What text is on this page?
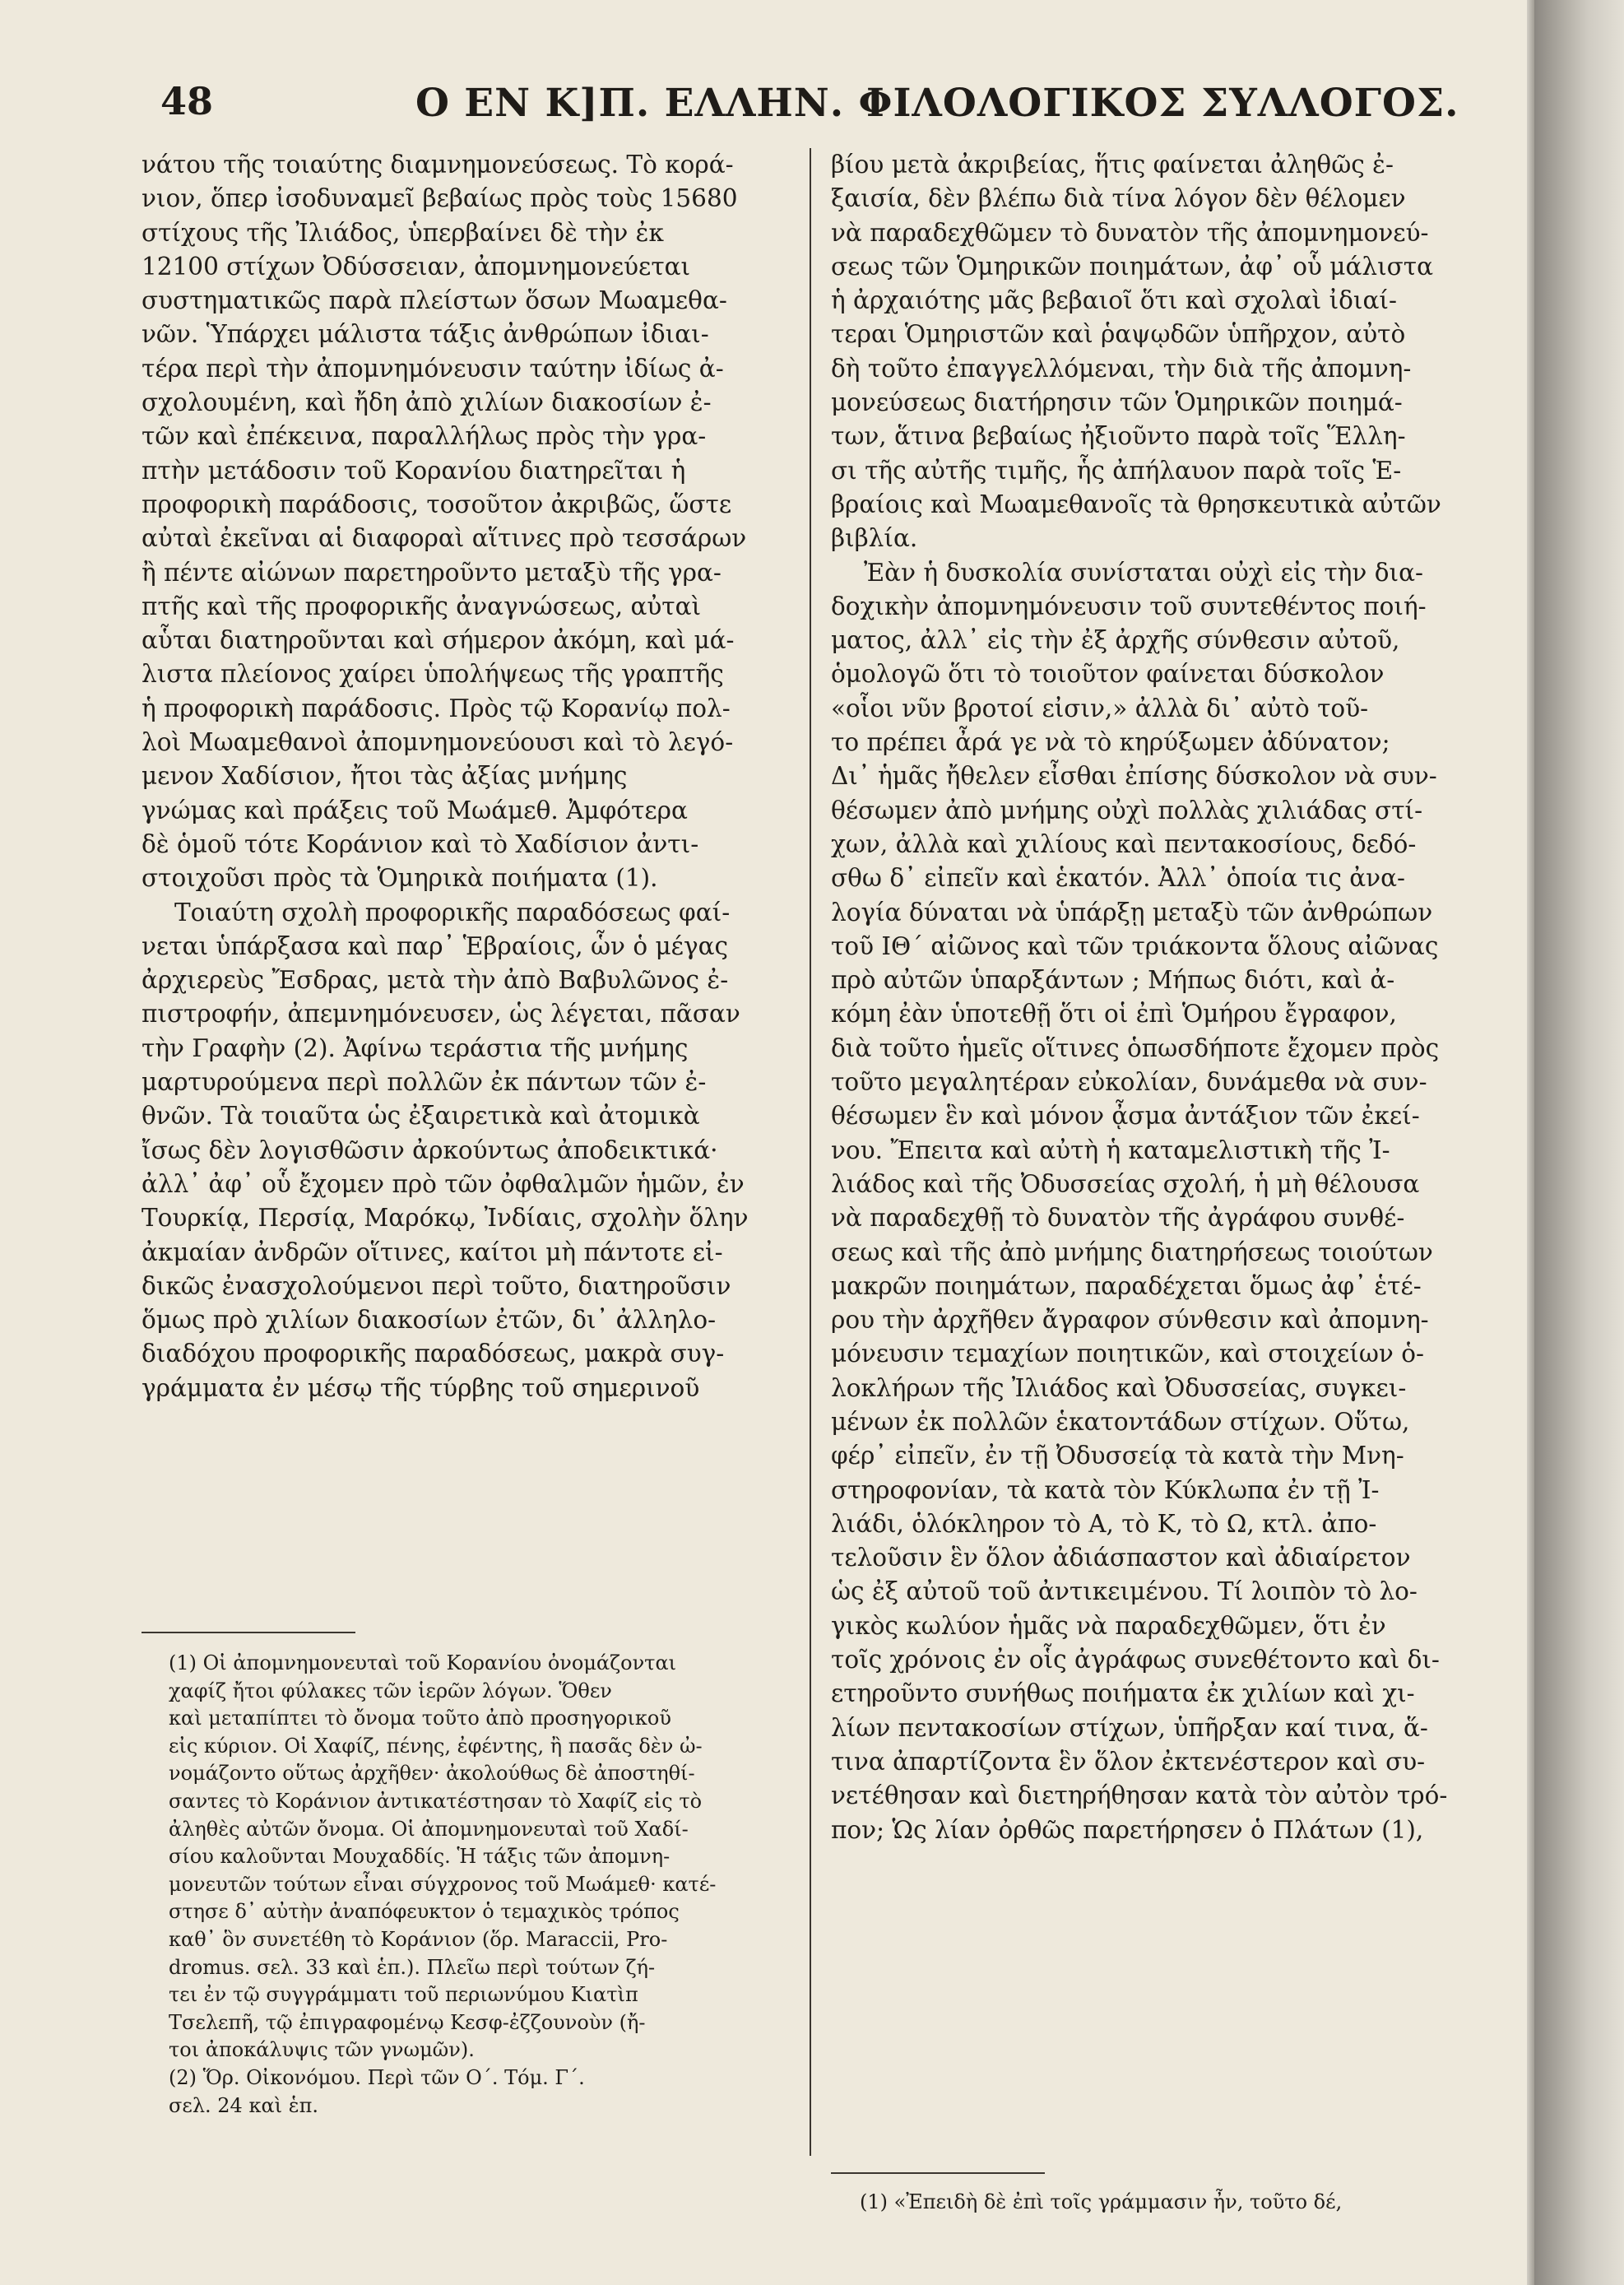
48	Ο ΕΝ Κ]Π. ΕΛΛΗΝ. ΦΙΛΟΛΟΓΙΚΟΣ ΣΥΛΛΟΓΟΣ.
νάτου τῆς τοιαύτης διαμνημονεύσεως. Τὸ κορά-
νιον, ὅπερ ἰσοδυναμεῖ βεβαίως πρὸς τοὺς 15680
στίχους τῆς Ἰλιάδος, ὑπερβαίνει δὲ τὴν ἐκ
12100 στίχων Ὀδύσσειαν, ἀπομνημονεύεται
συστηματικῶς παρὰ πλείστων ὅσων Μωαμεθα-
νῶν. Ὑπάρχει μάλιστα τάξις ἀνθρώπων ἰδιαι-
τέρα περὶ τὴν ἀπομνημόνευσιν ταύτην ἰδίως ἀ-
σχολουμένη, καὶ ἤδη ἀπὸ χιλίων διακοσίων ἐ-
τῶν καὶ ἐπέκεινα, παραλλήλως πρὸς τὴν γρα-
πτὴν μετάδοσιν τοῦ Κορανίου διατηρεῖται ἡ
προφορικὴ παράδοσις, τοσοῦτον ἀκριβῶς, ὥστε
αὐταὶ ἐκεῖναι αἱ διαφοραὶ αἵτινες πρὸ τεσσάρων
ἢ πέντε αἰώνων παρετηροῦντο μεταξὺ τῆς γρα-
πτῆς καὶ τῆς προφορικῆς ἀναγνώσεως, αὐταὶ
αὗται διατηροῦνται καὶ σήμερον ἀκόμη, καὶ μά-
λιστα πλείονος χαίρει ὑπολήψεως τῆς γραπτῆς
ἡ προφορικὴ παράδοσις. Πρὸς τῷ Κορανίῳ πολ-
λοὶ Μωαμεθανοὶ ἀπομνημονεύουσι καὶ τὸ λεγό-
μενον Χαδίσιον, ἤτοι τὰς ἀξίας μνήμης
γνώμας καὶ πράξεις τοῦ Μωάμεθ. Ἀμφότερα
δὲ ὁμοῦ τότε Κοράνιον καὶ τὸ Χαδίσιον ἀντι-
στοιχοῦσι πρὸς τὰ Ὁμηρικὰ ποιήματα (1).
Τοιαύτη σχολὴ προφορικῆς παραδόσεως φαί-
νεται ὑπάρξασα καὶ παρ᾽ Ἑβραίοις, ὧν ὁ μέγας
ἀρχιερεὺς Ἔσδρας, μετὰ τὴν ἀπὸ Βαβυλῶνος ἐ-
πιστροφήν, ἀπεμνημόνευσεν, ὡς λέγεται, πᾶσαν
τὴν Γραφὴν (2). Ἀφίνω τεράστια τῆς μνήμης
μαρτυρούμενα περὶ πολλῶν ἐκ πάντων τῶν ἐ-
θνῶν. Τὰ τοιαῦτα ὡς ἐξαιρετικὰ καὶ ἀτομικὰ
ἴσως δὲν λογισθῶσιν ἀρκούντως ἀποδεικτικά·
ἀλλ᾽ ἀφ᾽ οὗ ἔχομεν πρὸ τῶν ὀφθαλμῶν ἡμῶν, ἐν
Τουρκίᾳ, Περσίᾳ, Μαρόκῳ, Ἰνδίαις, σχολὴν ὅλην
ἀκμαίαν ἀνδρῶν οἵτινες, καίτοι μὴ πάντοτε εἰ-
δικῶς ἐνασχολούμενοι περὶ τοῦτο, διατηροῦσιν
ὅμως πρὸ χιλίων διακοσίων ἐτῶν, δι᾽ ἀλληλο-
διαδόχου προφορικῆς παραδόσεως, μακρὰ συγ-
γράμματα ἐν μέσῳ τῆς τύρβης τοῦ σημερινοῦ
βίου μετὰ ἀκριβείας, ἥτις φαίνεται ἀληθῶς ἐ-
ξαισία, δὲν βλέπω διὰ τίνα λόγον δὲν θέλομεν
νὰ παραδεχθῶμεν τὸ δυνατὸν τῆς ἀπομνημονεύ-
σεως τῶν Ὁμηρικῶν ποιημάτων, ἀφ᾽ οὗ μάλιστα
ἡ ἀρχαιότης μᾶς βεβαιοῖ ὅτι καὶ σχολαὶ ἰδιαί-
τεραι Ὁμηριστῶν καὶ ῥαψῳδῶν ὑπῆρχον, αὐτὸ
δὴ τοῦτο ἐπαγγελλόμεναι, τὴν διὰ τῆς ἀπομνη-
μονεύσεως διατήρησιν τῶν Ὁμηρικῶν ποιημά-
των, ἅτινα βεβαίως ἠξιοῦντο παρὰ τοῖς Ἕλλη-
σι τῆς αὐτῆς τιμῆς, ἧς ἀπήλαυον παρὰ τοῖς Ἑ-
βραίοις καὶ Μωαμεθανοῖς τὰ θρησκευτικὰ αὐτῶν
βιβλία.
Ἐὰν ἡ δυσκολία συνίσταται οὐχὶ εἰς τὴν δια-
δοχικὴν ἀπομνημόνευσιν τοῦ συντεθέντος ποιή-
ματος, ἀλλ᾽ εἰς τὴν ἐξ ἀρχῆς σύνθεσιν αὐτοῦ,
ὁμολογῶ ὅτι τὸ τοιοῦτον φαίνεται δύσκολον
«οἷοι νῦν βροτοί εἰσιν,» ἀλλὰ δι᾽ αὐτὸ τοῦ-
το πρέπει ἆρά γε νὰ τὸ κηρύξωμεν ἀδύνατον;
Δι᾽ ἡμᾶς ἤθελεν εἶσθαι ἐπίσης δύσκολον νὰ συν-
θέσωμεν ἀπὸ μνήμης οὐχὶ πολλὰς χιλιάδας στί-
χων, ἀλλὰ καὶ χιλίους καὶ πεντακοσίους, δεδό-
σθω δ᾽ εἰπεῖν καὶ ἑκατόν. Ἀλλ᾽ ὁποία τις ἀνα-
λογία δύναται νὰ ὑπάρξῃ μεταξὺ τῶν ἀνθρώπων
τοῦ ΙΘ΄ αἰῶνος καὶ τῶν τριάκοντα ὅλους αἰῶνας
πρὸ αὐτῶν ὑπαρξάντων ; Μήπως διότι, καὶ ἀ-
κόμη ἐὰν ὑποτεθῇ ὅτι οἱ ἐπὶ Ὁμήρου ἔγραφον,
διὰ τοῦτο ἡμεῖς οἵτινες ὁπωσδήποτε ἔχομεν πρὸς
τοῦτο μεγαλητέραν εὐκολίαν, δυνάμεθα νὰ συν-
θέσωμεν ἓν καὶ μόνον ᾆσμα ἀντάξιον τῶν ἐκεί-
νου. Ἔπειτα καὶ αὐτὴ ἡ καταμελιστικὴ τῆς Ἰ-
λιάδος καὶ τῆς Ὀδυσσείας σχολή, ἡ μὴ θέλουσα
νὰ παραδεχθῇ τὸ δυνατὸν τῆς ἀγράφου συνθέ-
σεως καὶ τῆς ἀπὸ μνήμης διατηρήσεως τοιούτων
μακρῶν ποιημάτων, παραδέχεται ὅμως ἀφ᾽ ἑτέ-
ρου τὴν ἀρχῆθεν ἄγραφον σύνθεσιν καὶ ἀπομνη-
μόνευσιν τεμαχίων ποιητικῶν, καὶ στοιχείων ὁ-
λοκλήρων τῆς Ἰλιάδος καὶ Ὀδυσσείας, συγκει-
μένων ἐκ πολλῶν ἑκατοντάδων στίχων. Οὕτω,
φέρ᾽ εἰπεῖν, ἐν τῇ Ὀδυσσείᾳ τὰ κατὰ τὴν Μνη-
στηροφονίαν, τὰ κατὰ τὸν Κύκλωπα ἐν τῇ Ἰ-
λιάδι, ὁλόκληρον τὸ Α, τὸ Κ, τὸ Ω, κτλ. ἀπο-
τελοῦσιν ἓν ὅλον ἀδιάσπαστον καὶ ἀδιαίρετον
ὡς ἐξ αὐτοῦ τοῦ ἀντικειμένου. Τί λοιπὸν τὸ λο-
γικὸς κωλύον ἡμᾶς νὰ παραδεχθῶμεν, ὅτι ἐν
τοῖς χρόνοις ἐν οἷς ἀγράφως συνεθέτοντο καὶ δι-
ετηροῦντο συνήθως ποιήματα ἐκ χιλίων καὶ χι-
λίων πεντακοσίων στίχων, ὑπῆρξαν καί τινα, ἅ-
τινα ἀπαρτίζοντα ἓν ὅλον ἐκτενέστερον καὶ συ-
νετέθησαν καὶ διετηρήθησαν κατὰ τὸν αὐτὸν τρό-
πον; Ὡς λίαν ὀρθῶς παρετήρησεν ὁ Πλάτων (1),
(1) Οἱ ἀπομνημονευταὶ τοῦ Κορανίου ὀνομάζονται
χαφίζ ἤτοι φύλακες τῶν ἱερῶν λόγων. Ὅθεν
καὶ μεταπίπτει τὸ ὄνομα τοῦτο ἀπὸ προσηγορικοῦ
εἰς κύριον. Οἱ Χαφίζ, πένης, ἐφέντης, ἢ πασᾶς δὲν ὠ-
νομάζοντο οὕτως ἀρχῆθεν· ἀκολούθως δὲ ἀποστηθί-
σαντες τὸ Κοράνιον ἀντικατέστησαν τὸ Χαφίζ εἰς τὸ
ἀληθὲς αὐτῶν ὄνομα. Οἱ ἀπομνημονευταὶ τοῦ Χαδί-
σίου καλοῦνται Μουχαδδίς. Ἡ τάξις τῶν ἀπομνη-
μονευτῶν τούτων εἶναι σύγχρονος τοῦ Μωάμεθ· κατέ-
στησε δ᾽ αὐτὴν ἀναπόφευκτον ὁ τεμαχικὸς τρόπος
καθ᾽ ὃν συνετέθη τὸ Κοράνιον (ὅρ. Maraccii, Pro-
dromus. σελ. 33 καὶ ἑπ.). Πλεῖω περὶ τούτων ζή-
τει ἐν τῷ συγγράμματι τοῦ περιωνύμου Κιατὶπ
Τσελεπῆ, τῷ ἐπιγραφομένῳ Κεσφ-ἐζζουνοὺν (ἤ-
τοι ἀποκάλυψις τῶν γνωμῶν).
(2) Ὅρ. Οἰκονόμου. Περὶ τῶν Ο΄. Τόμ. Γ΄.
σελ. 24 καὶ ἑπ.
(1) «Ἐπειδὴ δὲ ἐπὶ τοῖς γράμμασιν ἦν, τοῦτο δέ,
